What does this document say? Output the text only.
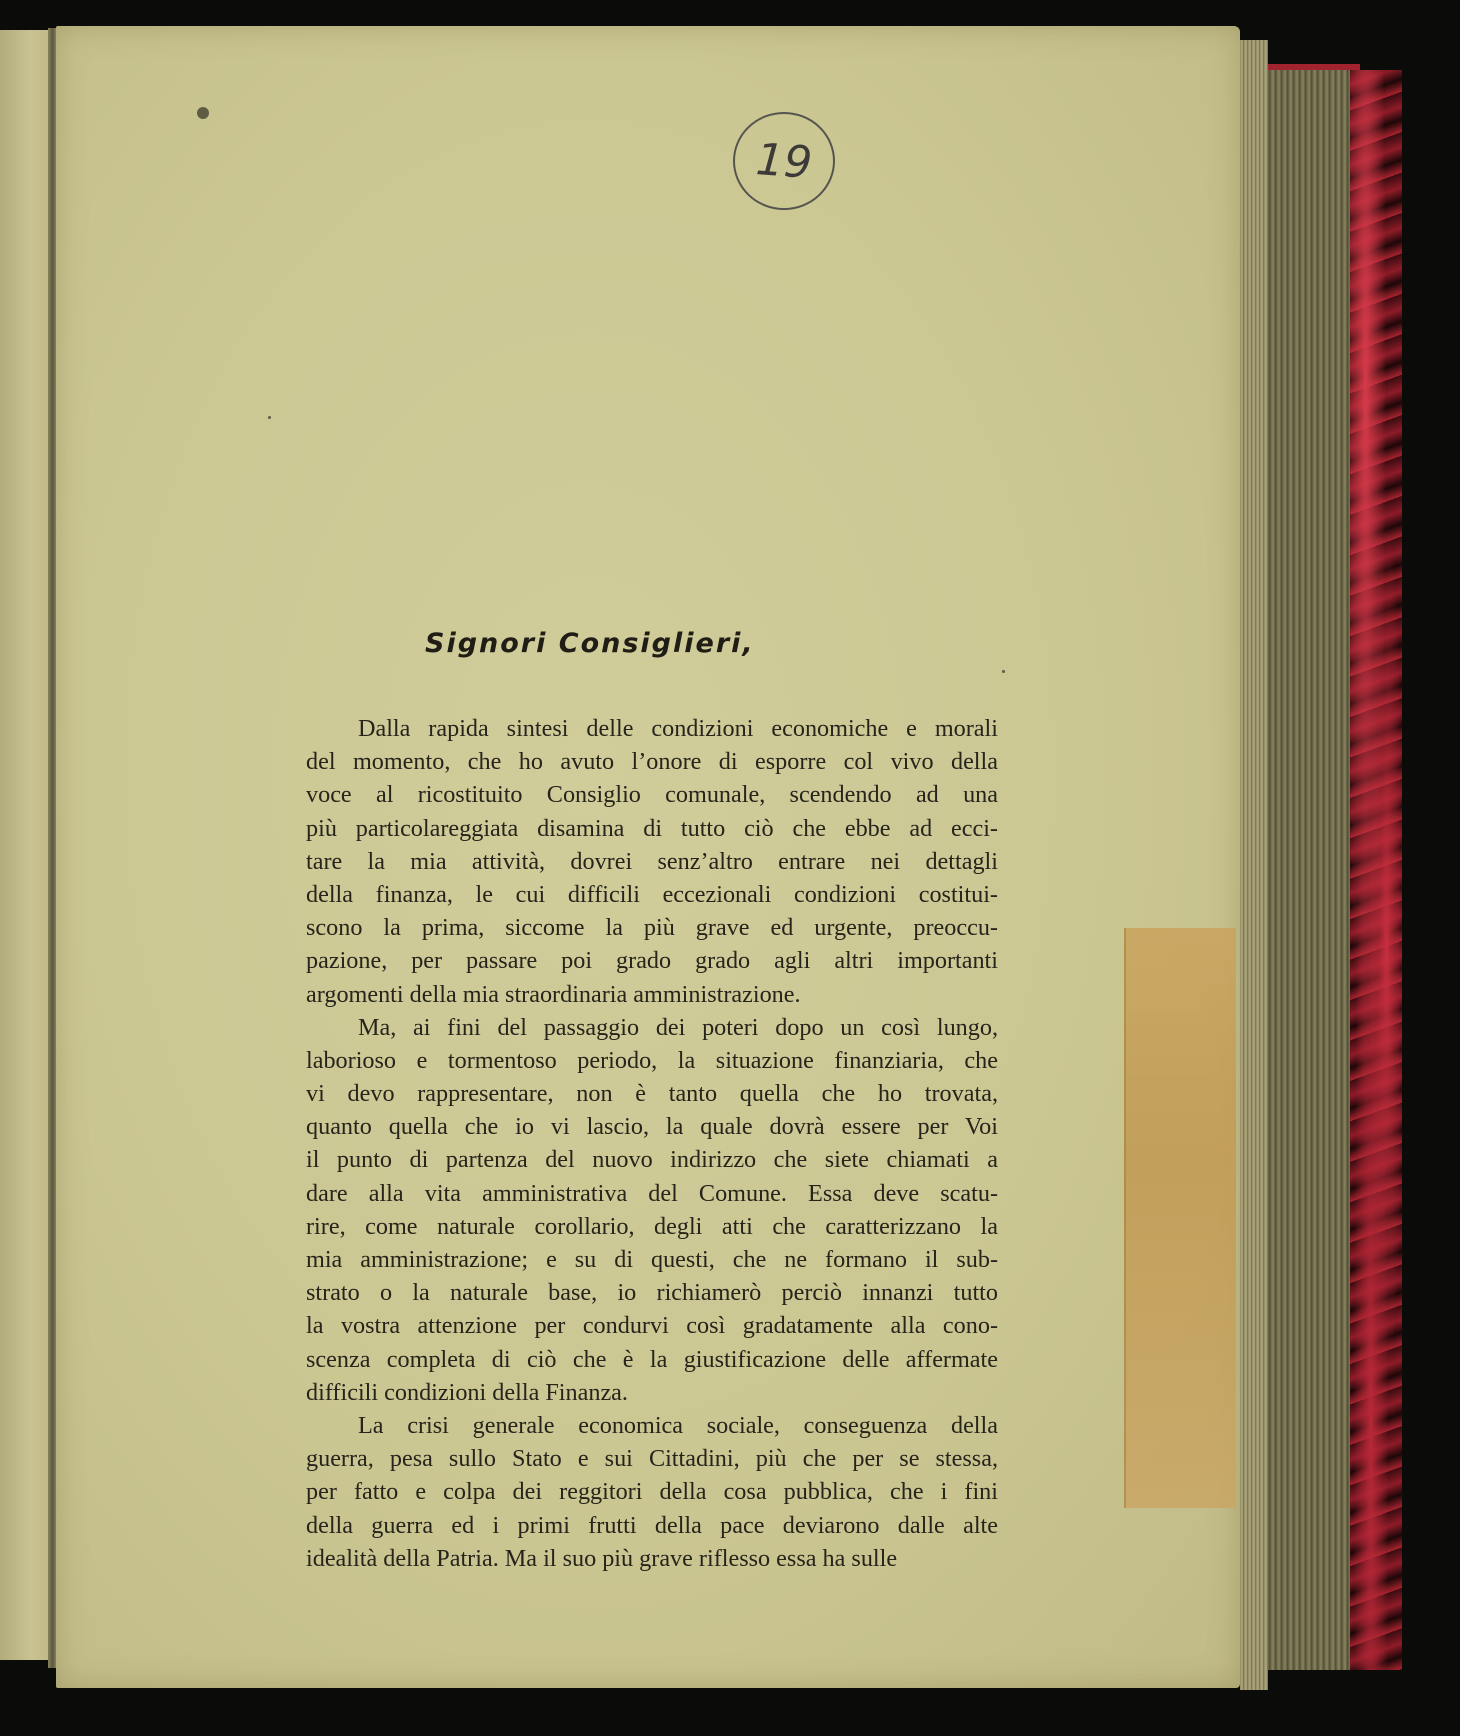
19
Signori Consiglieri,
Dalla rapida sintesi delle condizioni economiche e morali
del momento, che ho avuto l’onore di esporre col vivo della
voce al ricostituito Consiglio comunale, scendendo ad una
più particolareggiata disamina di tutto ciò che ebbe ad ecci-
tare la mia attività, dovrei senz’altro entrare nei dettagli
della finanza, le cui difficili eccezionali condizioni costitui-
scono la prima, siccome la più grave ed urgente, preoccu-
pazione, per passare poi grado grado agli altri importanti
argomenti della mia straordinaria amministrazione.
Ma, ai fini del passaggio dei poteri dopo un così lungo,
laborioso e tormentoso periodo, la situazione finanziaria, che
vi devo rappresentare, non è tanto quella che ho trovata,
quanto quella che io vi lascio, la quale dovrà essere per Voi
il punto di partenza del nuovo indirizzo che siete chiamati a
dare alla vita amministrativa del Comune. Essa deve scatu-
rire, come naturale corollario, degli atti che caratterizzano la
mia amministrazione; e su di questi, che ne formano il sub-
strato o la naturale base, io richiamerò perciò innanzi tutto
la vostra attenzione per condurvi così gradatamente alla cono-
scenza completa di ciò che è la giustificazione delle affermate
difficili condizioni della Finanza.
La crisi generale economica sociale, conseguenza della
guerra, pesa sullo Stato e sui Cittadini, più che per se stessa,
per fatto e colpa dei reggitori della cosa pubblica, che i fini
della guerra ed i primi frutti della pace deviarono dalle alte
idealità della Patria. Ma il suo più grave riflesso essa ha sulle
